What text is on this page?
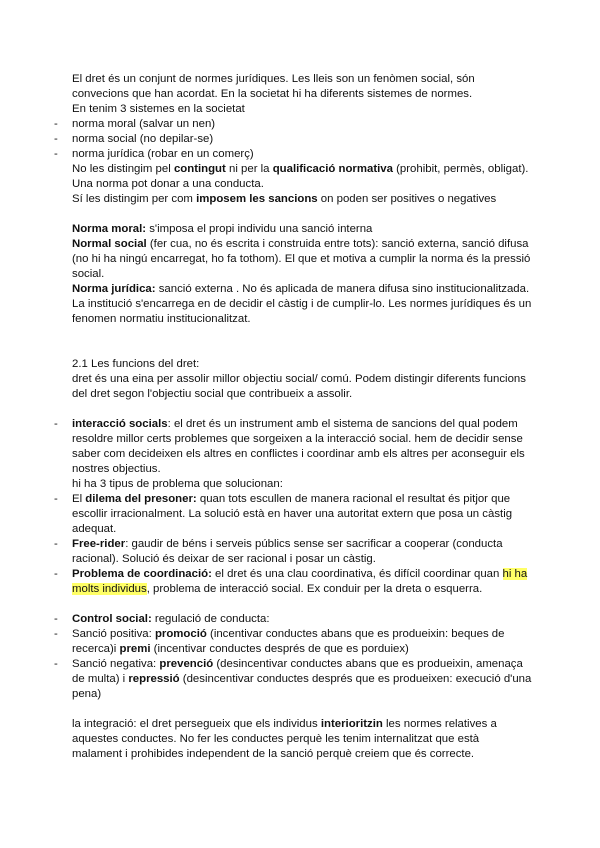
El dret és un conjunt de normes jurídiques. Les lleis son un fenòmen social, són convecions que han acordat. En la societat hi ha diferents sistemes de normes.

En tenim 3 sistemes en la societat

- norma moral (salvar un nen)
- norma social (no depilar-se)
- norma jurídica (robar en un comerç)

No les distingim pel contingut ni per la qualificació normativa (prohibit, permès, obligat).

Una norma pot donar a una conducta.

Sí les distingim per com imposem les sancions on poden ser positives o negatives

Norma moral: s'imposa el propi individu una sanció interna

Normal social (fer cua, no és escrita i construida entre tots): sanció externa, sanció difusa (no hi ha ningú encarregat, ho fa tothom). El que et motiva a cumplir la norma és la pressió social.

Norma jurídica: sanció externa . No és aplicada de manera difusa sino institucionalitzada. La institució s'encarrega en de decidir el càstig i de cumplir-lo. Les normes jurídiques és un fenomen normatiu institucionalitzat.

2.1 Les funcions del dret:

dret és una eina per assolir millor objectiu social/ comú. Podem distingir diferents funcions del dret segon l'objectiu social que contribueix a assolir.

- interacció socials: el dret és un instrument amb el sistema de sancions del qual podem resoldre millor certs problemes que sorgeixen a la interacció social. hem de decidir sense saber com decideixen els altres en conflictes i coordinar amb els altres per aconseguir els nostres objectius.

hi ha 3 tipus de problema que solucionan:

- El dilema del presoner: quan tots escullen de manera racional el resultat és pitjor que escollir irracionalment. La solució està en haver una autoritat extern que posa un càstig adequat.
- Free-rider: gaudir de béns i serveis públics sense ser sacrificar a cooperar (conducta racional). Solució és deixar de ser racional i posar un càstig.
- Problema de coordinació: el dret és una clau coordinativa, és difícil coordinar quan hi ha molts individus, problema de interacció social. Ex conduir per la dreta o esquerra.

- Control social: regulació de conducta:

- Sanció positiva: promoció (incentivar conductes abans que es produeixin: beques de recerca)i premi (incentivar conductes després de que es porduiex)
- Sanció negativa: prevenció (desincentivar conductes abans que es produeixin, amenaça de multa) i repressió (desincentivar conductes després que es produeixen: execució d'una pena)

la integració: el dret persegueix que els individus interioritzin les normes relatives a aquestes conductes. No fer les conductes perquè les tenim internalitzat que està malament i prohibides independent de la sanció perquè creiem que és correcte.
